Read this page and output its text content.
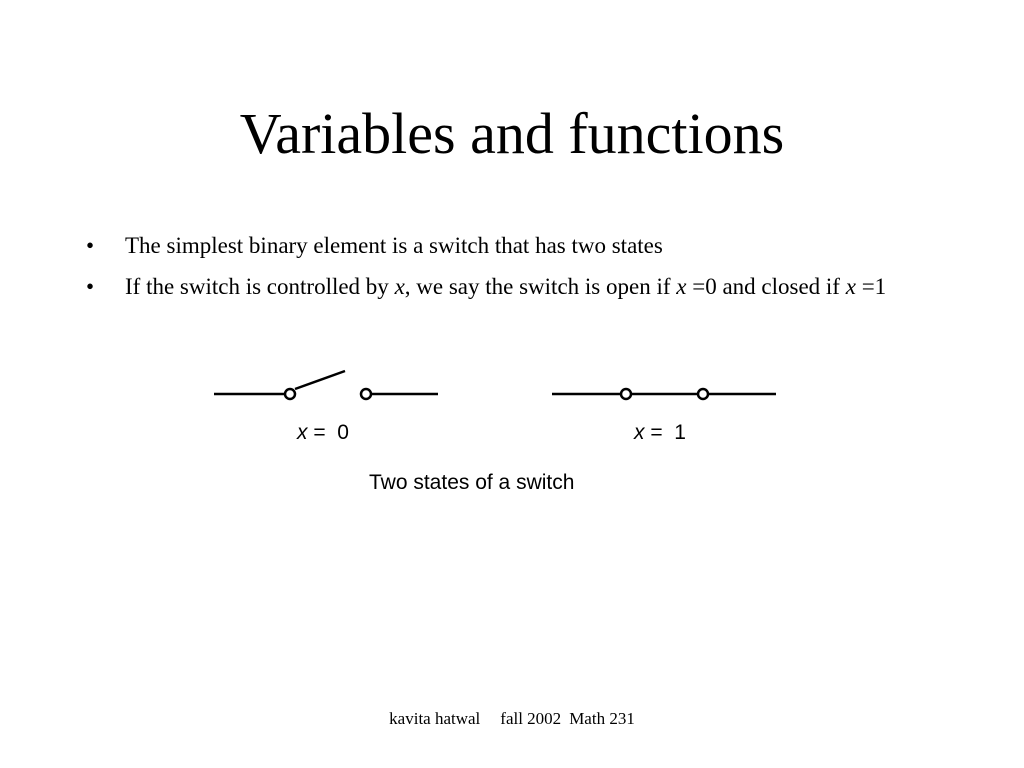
Variables and functions
• The simplest binary element is a switch that has two states
• If the switch is controlled by x, we say the switch is open if x =0 and closed if x =1
x =  0	x =  1
Two states of a switch
kavita hatwal fall 2002 Math 231
